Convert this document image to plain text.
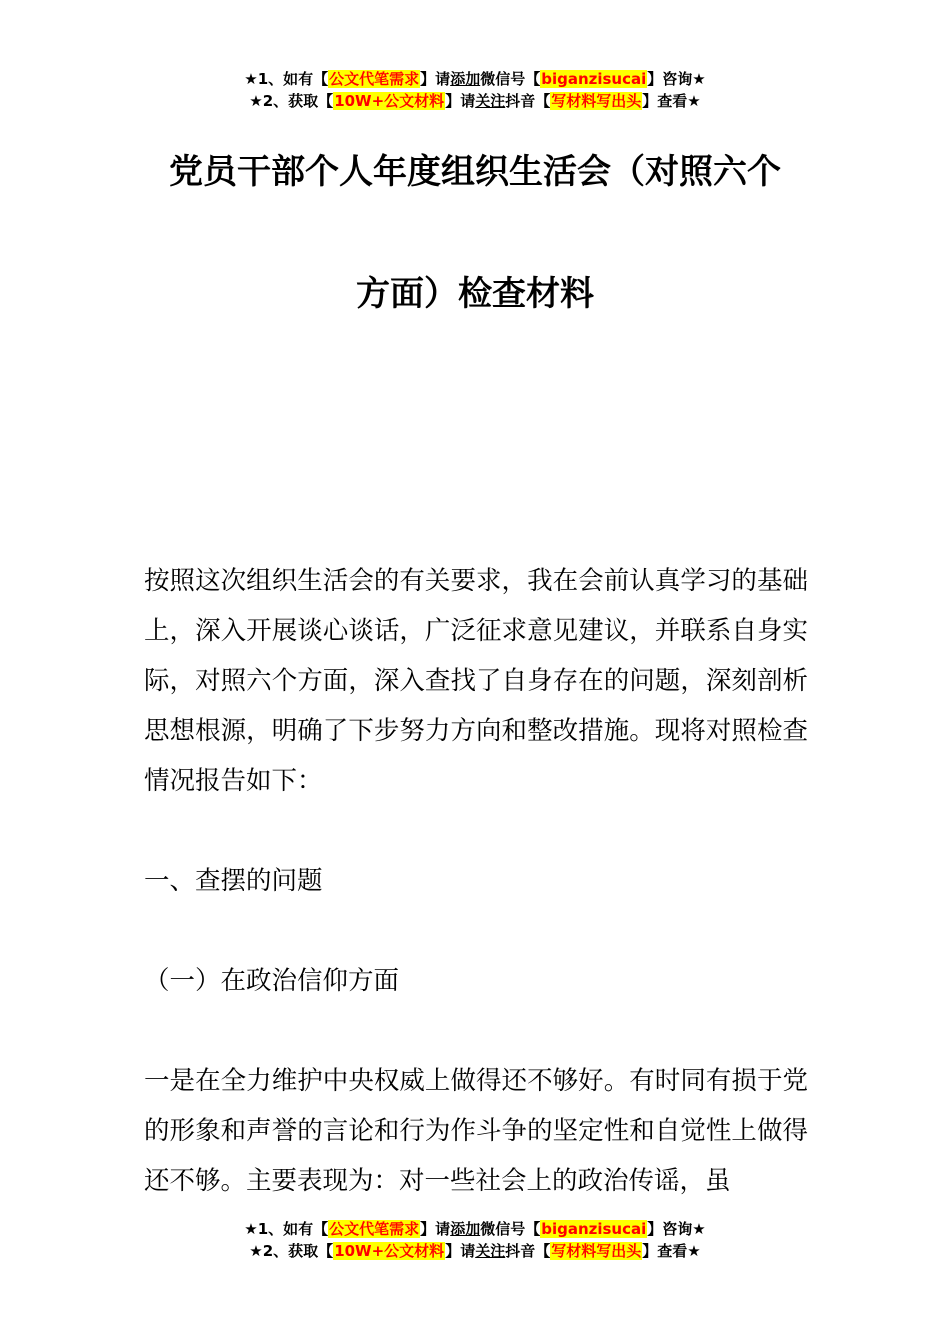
★1、如有【公文代笔需求】请添加微信号【biganzisucai】咨询★
★2、获取【10W+公文材料】请关注抖音【写材料写出头】查看★
党员干部个人年度组织生活会（对照六个
方面）检查材料
按照这次组织生活会的有关要求，我在会前认真学习的基础上，深入开展谈心谈话，广泛征求意见建议，并联系自身实际，对照六个方面，深入查找了自身存在的问题，深刻剖析思想根源，明确了下步努力方向和整改措施。现将对照检查情况报告如下：
一、查摆的问题
（一）在政治信仰方面
一是在全力维护中央权威上做得还不够好。有时同有损于党的形象和声誉的言论和行为作斗争的坚定性和自觉性上做得还不够。主要表现为：对一些社会上的政治传谣，虽
★1、如有【公文代笔需求】请添加微信号【biganzisucai】咨询★
★2、获取【10W+公文材料】请关注抖音【写材料写出头】查看★
